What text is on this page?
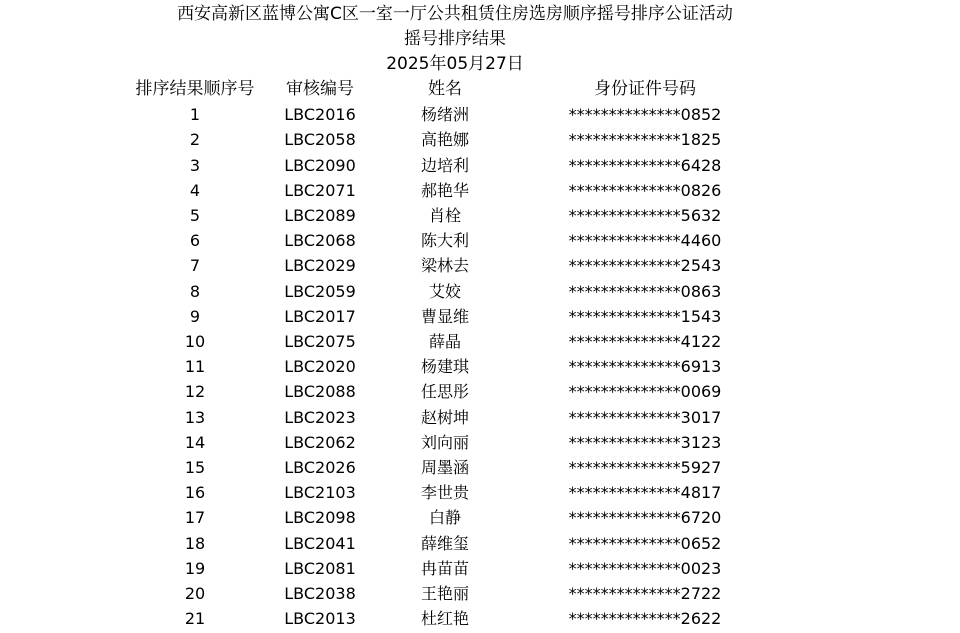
西安高新区蓝博公寓C区一室一厅公共租赁住房选房顺序摇号排序公证活动
摇号排序结果
2025年05月27日
排序结果顺序号	审核编号	姓名	身份证件号码
1	LBC2016	杨绪洲	**************0852
2	LBC2058	高艳娜	**************1825
3	LBC2090	边培利	**************6428
4	LBC2071	郝艳华	**************0826
5	LBC2089	肖栓	**************5632
6	LBC2068	陈大利	**************4460
7	LBC2029	梁林去	**************2543
8	LBC2059	艾姣	**************0863
9	LBC2017	曹显维	**************1543
10	LBC2075	薛晶	**************4122
11	LBC2020	杨建琪	**************6913
12	LBC2088	任思彤	**************0069
13	LBC2023	赵树坤	**************3017
14	LBC2062	刘向丽	**************3123
15	LBC2026	周墨涵	**************5927
16	LBC2103	李世贵	**************4817
17	LBC2098	白静	**************6720
18	LBC2041	薛维玺	**************0652
19	LBC2081	冉苗苗	**************0023
20	LBC2038	王艳丽	**************2722
21	LBC2013	杜红艳	**************2622
